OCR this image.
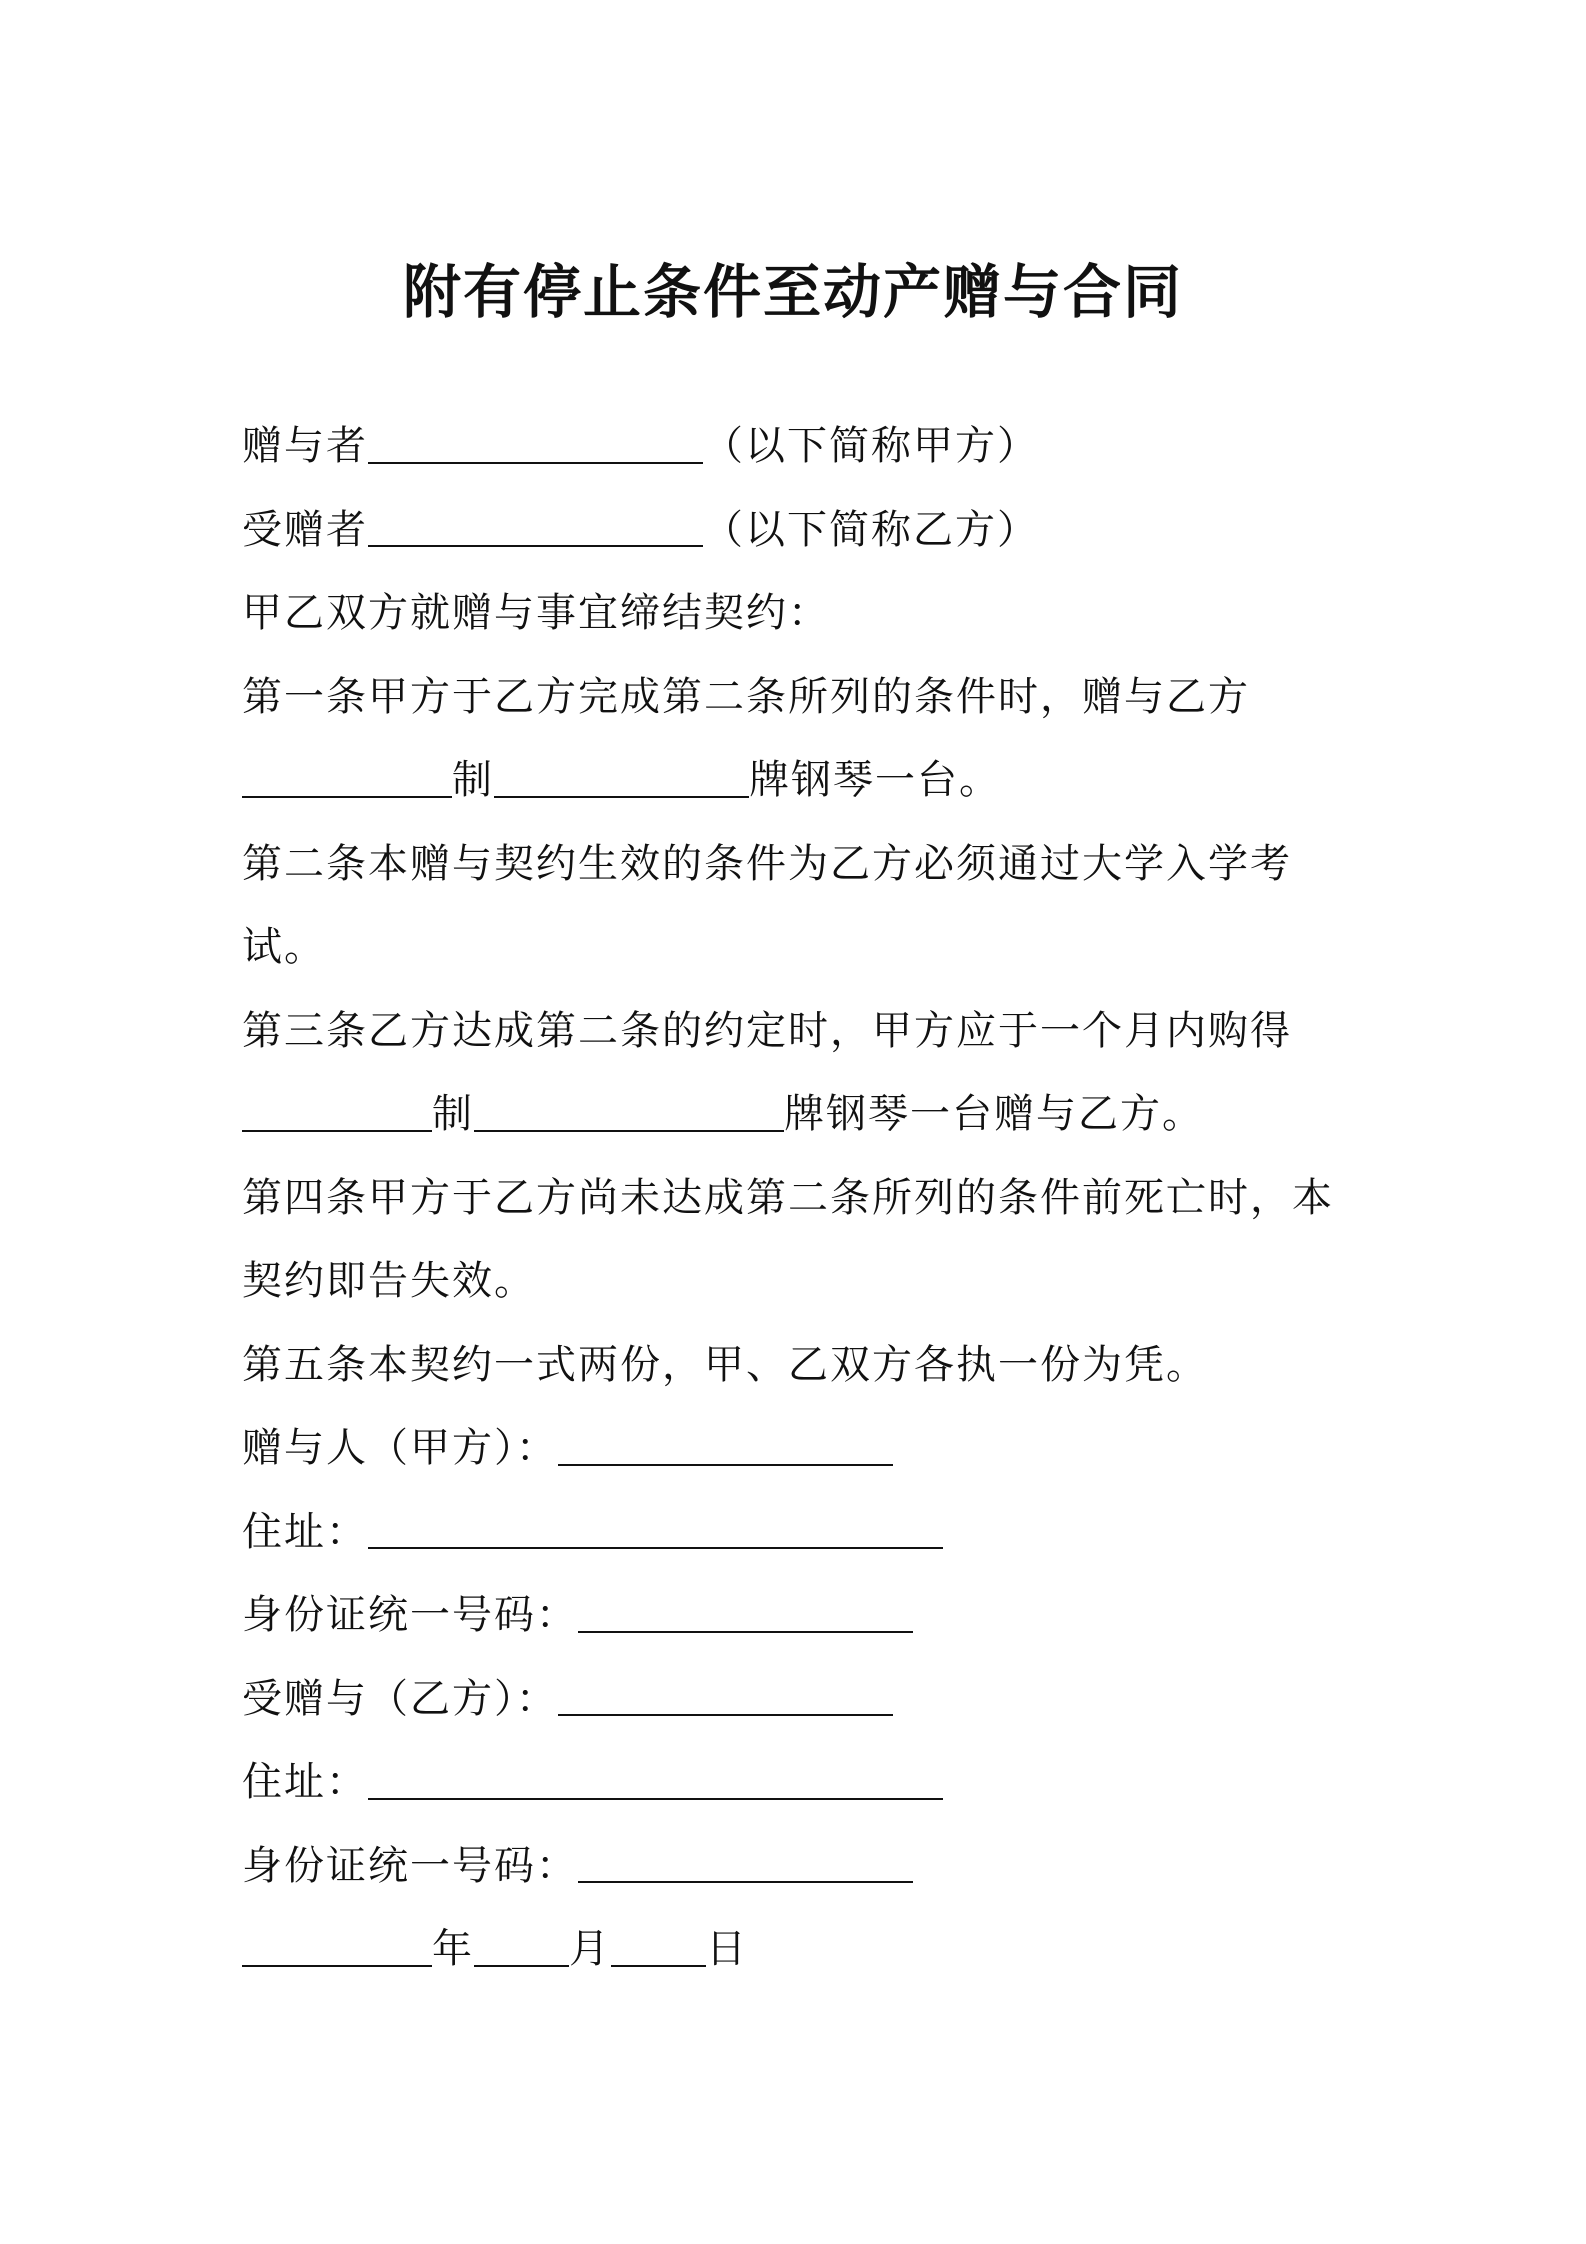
附有停止条件至动产赠与合同
赠与者	（以下简称甲方）
受赠者	（以下简称乙方）
甲乙双方就赠与事宜缔结契约：
第一条甲方于乙方完成第二条所列的条件时，赠与乙方
制	牌钢琴一台。
第二条本赠与契约生效的条件为乙方必须通过大学入学考
试。
第三条乙方达成第二条的约定时，甲方应于一个月内购得
制	牌钢琴一台赠与乙方。
第四条甲方于乙方尚未达成第二条所列的条件前死亡时，本
契约即告失效。
第五条本契约一式两份，甲、乙双方各执一份为凭。
赠与人（甲方）：
住址：
身份证统一号码：
受赠与（乙方）：
住址：
身份证统一号码：
年 月 日
